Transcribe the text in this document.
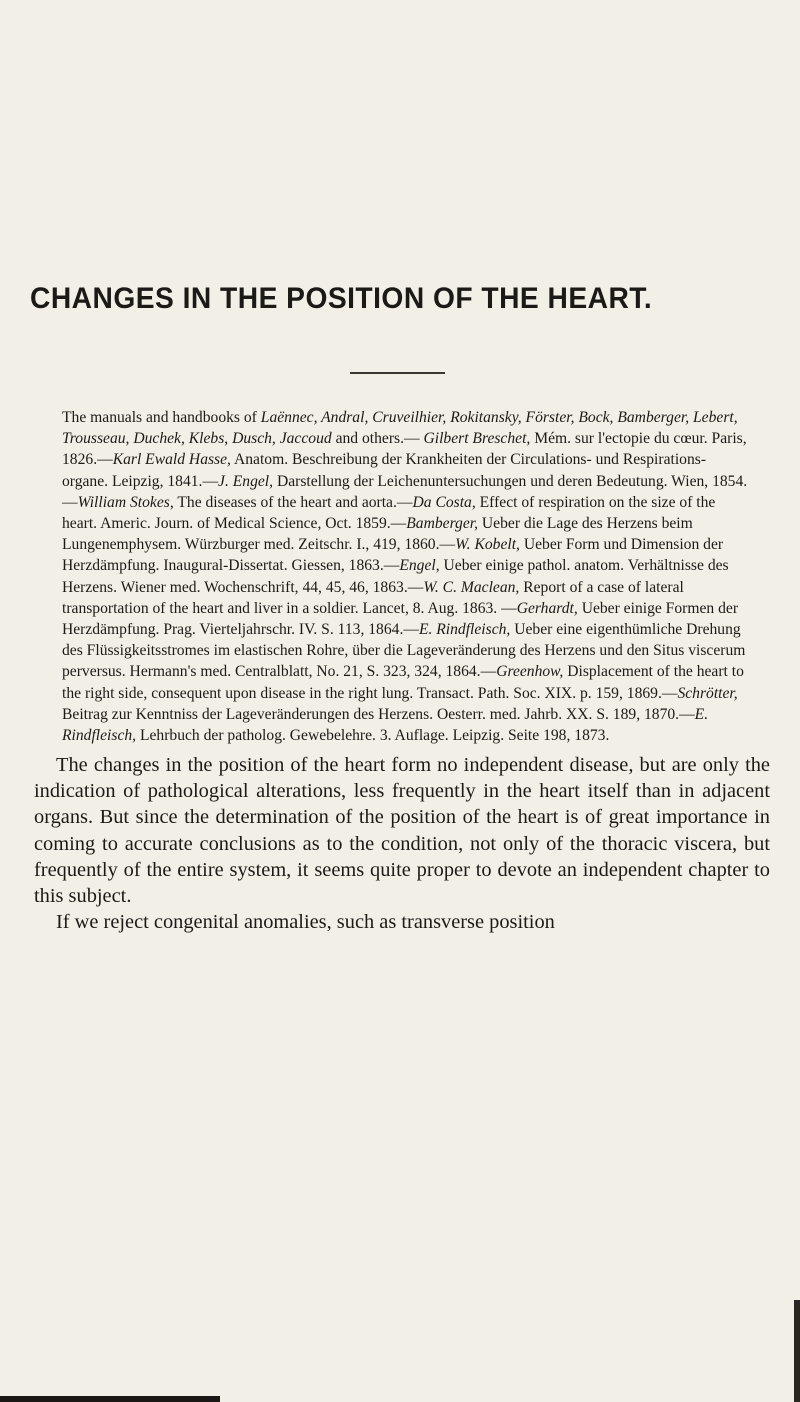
CHANGES IN THE POSITION OF THE HEART.

The manuals and handbooks of Laënnec, Andral, Cruveilhier, Rokitansky, Förster, Bock, Bamberger, Lebert, Trousseau, Duchek, Klebs, Dusch, Jaccoud and others.— Gilbert Breschet, Mém. sur l'ectopie du cœur. Paris, 1826.—Karl Ewald Hasse, Anatom. Beschreibung der Krankheiten der Circulations- und Respirations-organe. Leipzig, 1841.—J. Engel, Darstellung der Leichenuntersuchungen und deren Bedeutung. Wien, 1854.—William Stokes, The diseases of the heart and aorta.—Da Costa, Effect of respiration on the size of the heart. Americ. Journ. of Medical Science, Oct. 1859.—Bamberger, Ueber die Lage des Herzens beim Lungenemphysem. Würzburger med. Zeitschr. I., 419, 1860.—W. Kobelt, Ueber Form und Dimension der Herzdämpfung. Inaugural-Dissertat. Giessen, 1863.—Engel, Ueber einige pathol. anatom. Verhältnisse des Herzens. Wiener med. Wochenschrift, 44, 45, 46, 1863.—W. C. Maclean, Report of a case of lateral transportation of the heart and liver in a soldier. Lancet, 8. Aug. 1863. —Gerhardt, Ueber einige Formen der Herzdämpfung. Prag. Vierteljahrschr. IV. S. 113, 1864.—E. Rindfleisch, Ueber eine eigenthümliche Drehung des Flüssigkeitsstromes im elastischen Rohre, über die Lageveränderung des Herzens und den Situs viscerum perversus. Hermann's med. Centralblatt, No. 21, S. 323, 324, 1864.—Greenhow, Displacement of the heart to the right side, consequent upon disease in the right lung. Transact. Path. Soc. XIX. p. 159, 1869.—Schrötter, Beitrag zur Kenntniss der Lageveränderungen des Herzens. Oesterr. med. Jahrb. XX. S. 189, 1870.—E. Rindfleisch, Lehrbuch der patholog. Gewebelehre. 3. Auflage. Leipzig. Seite 198, 1873.

The changes in the position of the heart form no independent disease, but are only the indication of pathological alterations, less frequently in the heart itself than in adjacent organs. But since the determination of the position of the heart is of great importance in coming to accurate conclusions as to the condition, not only of the thoracic viscera, but frequently of the entire system, it seems quite proper to devote an independent chapter to this subject.

If we reject congenital anomalies, such as transverse position
